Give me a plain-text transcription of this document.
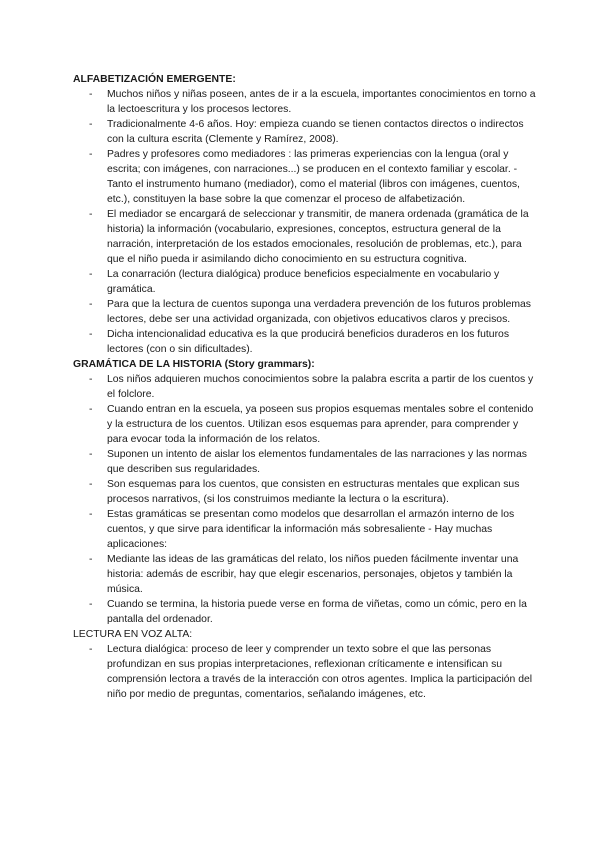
ALFABETIZACIÓN EMERGENTE:

- Muchos niños y niñas poseen, antes de ir a la escuela, importantes conocimientos en torno a la lectoescritura y los procesos lectores.
- Tradicionalmente 4-6 años. Hoy: empieza cuando se tienen contactos directos o indirectos con la cultura escrita (Clemente y Ramírez, 2008).
- Padres y profesores como mediadores : las primeras experiencias con la lengua (oral y escrita; con imágenes, con narraciones...) se producen en el contexto familiar y escolar. - Tanto el instrumento humano (mediador), como el material (libros con imágenes, cuentos, etc.), constituyen la base sobre la que comenzar el proceso de alfabetización.
- El mediador se encargará de seleccionar y transmitir, de manera ordenada (gramática de la historia) la información (vocabulario, expresiones, conceptos, estructura general de la narración, interpretación de los estados emocionales, resolución de problemas, etc.), para que el niño pueda ir asimilando dicho conocimiento en su estructura cognitiva.
- La conarración (lectura dialógica) produce beneficios especialmente en vocabulario y gramática.
- Para que la lectura de cuentos suponga una verdadera prevención de los futuros problemas lectores, debe ser una actividad organizada, con objetivos educativos claros y precisos.
- Dicha intencionalidad educativa es la que producirá beneficios duraderos en los futuros lectores (con o sin dificultades).

GRAMÁTICA DE LA HISTORIA (Story grammars):

- Los niños adquieren muchos conocimientos sobre la palabra escrita a partir de los cuentos y el folclore.
- Cuando entran en la escuela, ya poseen sus propios esquemas mentales sobre el contenido y la estructura de los cuentos. Utilizan esos esquemas para aprender, para comprender y para evocar toda la información de los relatos.
- Suponen un intento de aislar los elementos fundamentales de las narraciones y las normas que describen sus regularidades.
- Son esquemas para los cuentos, que consisten en estructuras mentales que explican sus procesos narrativos, (si los construimos mediante la lectura o la escritura).
- Estas gramáticas se presentan como modelos que desarrollan el armazón interno de los cuentos, y que sirve para identificar la información más sobresaliente - Hay muchas aplicaciones:
- Mediante las ideas de las gramáticas del relato, los niños pueden fácilmente inventar una historia: además de escribir, hay que elegir escenarios, personajes, objetos y también la música.
- Cuando se termina, la historia puede verse en forma de viñetas, como un cómic, pero en la pantalla del ordenador.

LECTURA EN VOZ ALTA:

- Lectura dialógica: proceso de leer y comprender un texto sobre el que las personas profundizan en sus propias interpretaciones, reflexionan críticamente e intensifican su comprensión lectora a través de la interacción con otros agentes. Implica la participación del niño por medio de preguntas, comentarios, señalando imágenes, etc.
